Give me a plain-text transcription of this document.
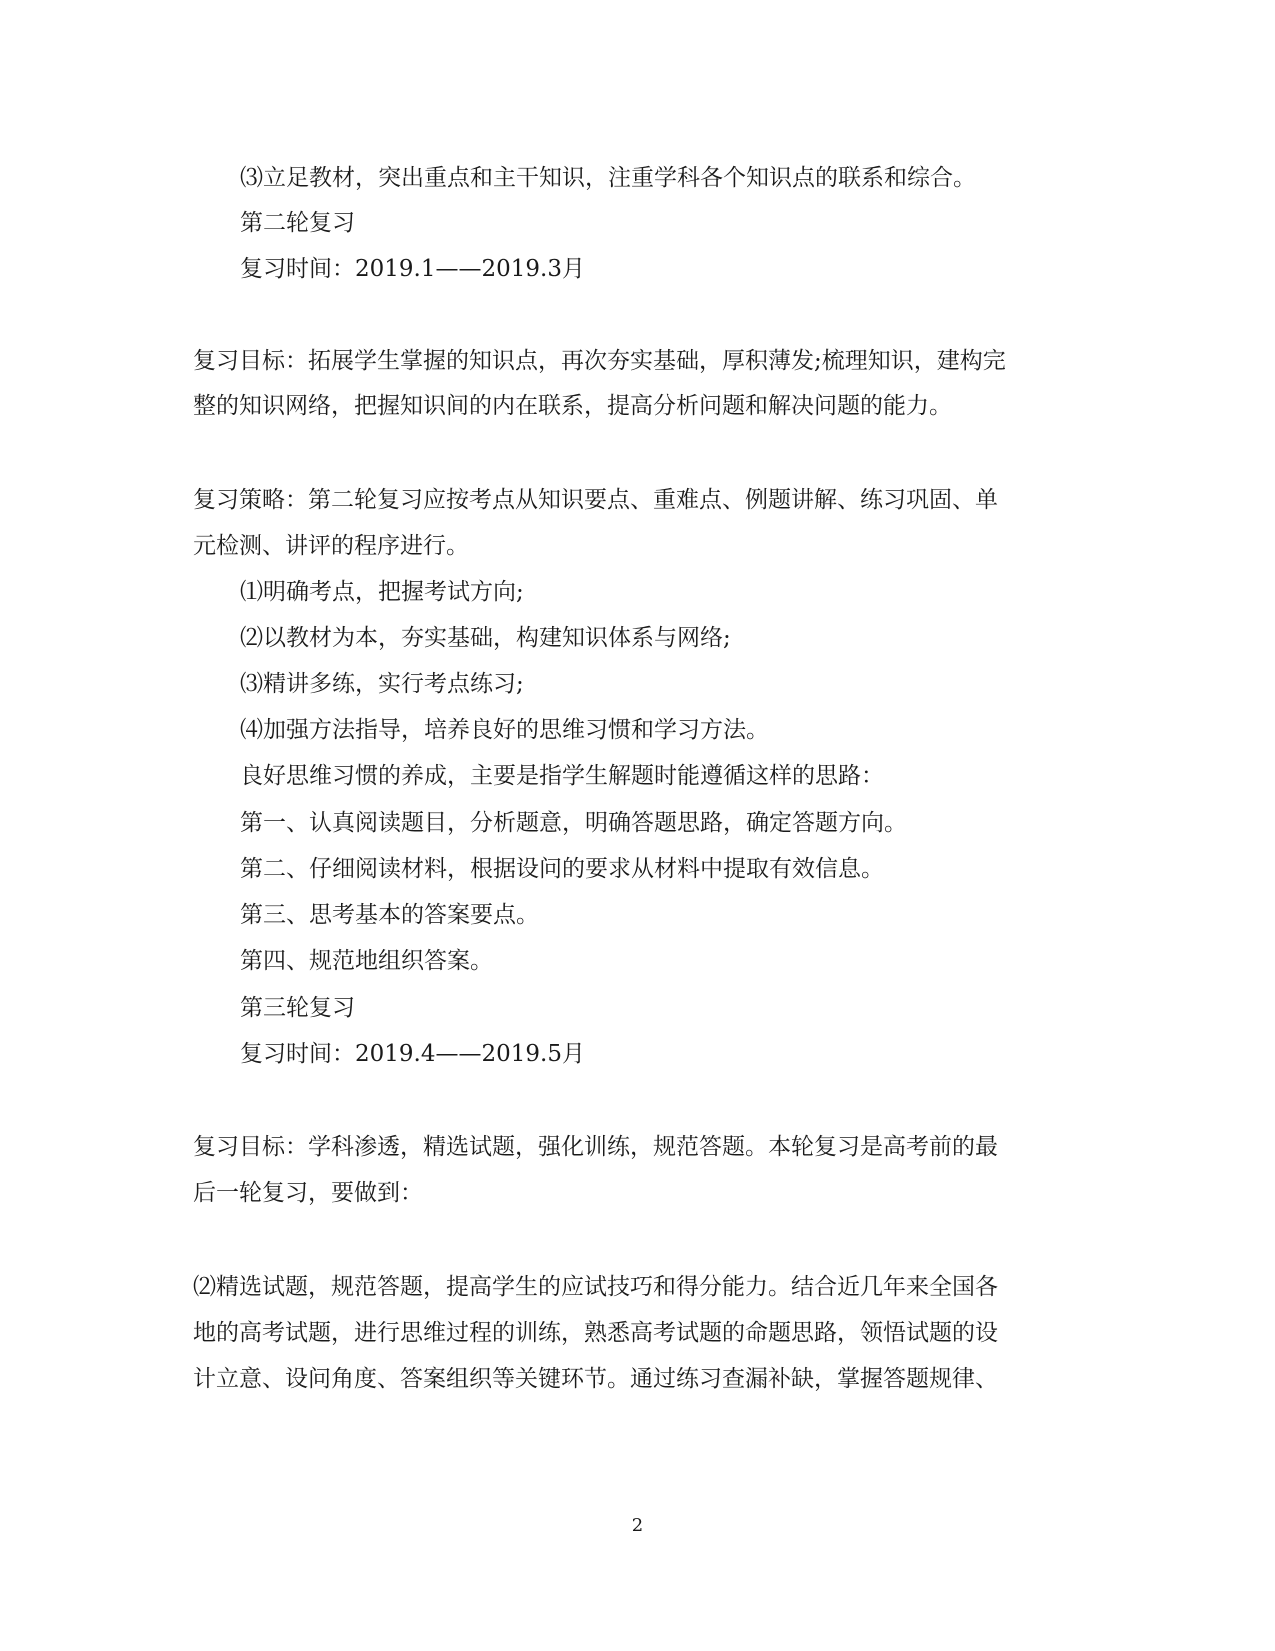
⑶立足教材，突出重点和主干知识，注重学科各个知识点的联系和综合。
第二轮复习
复习时间：2019.1——2019.3月
复习目标：拓展学生掌握的知识点，再次夯实基础，厚积薄发;梳理知识，建构完
整的知识网络，把握知识间的内在联系，提高分析问题和解决问题的能力。
复习策略：第二轮复习应按考点从知识要点、重难点、例题讲解、练习巩固、单
元检测、讲评的程序进行。
⑴明确考点，把握考试方向;
⑵以教材为本，夯实基础，构建知识体系与网络;
⑶精讲多练，实行考点练习;
⑷加强方法指导，培养良好的思维习惯和学习方法。
良好思维习惯的养成，主要是指学生解题时能遵循这样的思路：
第一、认真阅读题目，分析题意，明确答题思路，确定答题方向。
第二、仔细阅读材料，根据设问的要求从材料中提取有效信息。
第三、思考基本的答案要点。
第四、规范地组织答案。
第三轮复习
复习时间：2019.4——2019.5月
复习目标：学科渗透，精选试题，强化训练，规范答题。本轮复习是高考前的最
后一轮复习，要做到：
⑵精选试题，规范答题，提高学生的应试技巧和得分能力。结合近几年来全国各
地的高考试题，进行思维过程的训练，熟悉高考试题的命题思路，领悟试题的设
计立意、设问角度、答案组织等关键环节。通过练习查漏补缺，掌握答题规律、
2
